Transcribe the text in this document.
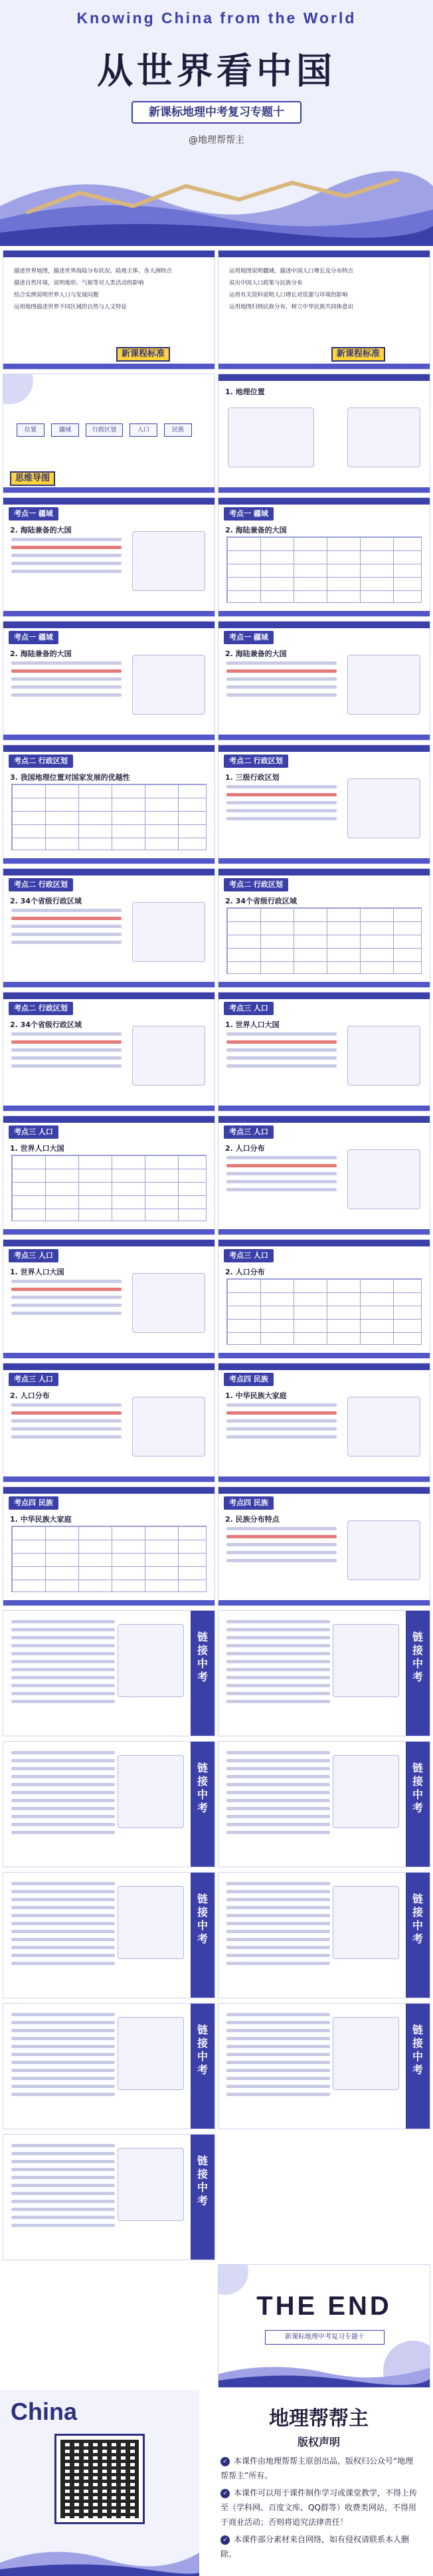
Knowing China from the World
从世界看中国
新课标地理中考复习专题十
@地理帮帮主
描述世界地图，描述世界海陆分布状况、陆地主体、各大洲特点
描述自然环境，说明地形、气候等对人类活动的影响
结合实例说明世界人口与发展问题
运用地图描述世界不同区域的自然与人文特征
新课程标准
运用地图说明疆域、描述中国人口增长及分布特点
说出中国人口政策与民族分布
运用有关资料说明人口增长对资源与环境的影响
运用地图归纳民族分布，树立中华民族共同体意识
新课程标准
位置	疆域	行政区划	人口	民族
思维导图
1. 地理位置
考点一 疆域
2. 海陆兼备的大国
考点一 疆域
2. 海陆兼备的大国
考点一 疆域
2. 海陆兼备的大国
考点一 疆域
2. 海陆兼备的大国
考点二 行政区划
3. 我国地理位置对国家发展的优越性
考点二 行政区划
1. 三级行政区划
考点二 行政区划
2. 34个省级行政区域
考点二 行政区划
2. 34个省级行政区域
考点二 行政区划
2. 34个省级行政区域
考点三 人口
1. 世界人口大国
考点三 人口
1. 世界人口大国
考点三 人口
2. 人口分布
考点三 人口
1. 世界人口大国
考点三 人口
2. 人口分布
考点三 人口
2. 人口分布
考点四 民族
1. 中华民族大家庭
考点四 民族
1. 中华民族大家庭
考点四 民族
2. 民族分布特点
链接中考
链接中考
链接中考
链接中考
链接中考
链接中考
链接中考
链接中考
链接中考
THE END
新课标地理中考复习专题十
China	地理帮帮主
版权声明
✓ 本课件由地理帮帮主原创出品，版权归公众号“地理帮帮主”所有。
✓ 本课件可以用于课件制作学习或课堂教学，不得上传至（学科网、百度文库、QQ群等）收费类网站，不得用于商业活动；否则将追究法律责任！
✓ 本课件部分素材来自网络，如有侵权请联系本人删除。
